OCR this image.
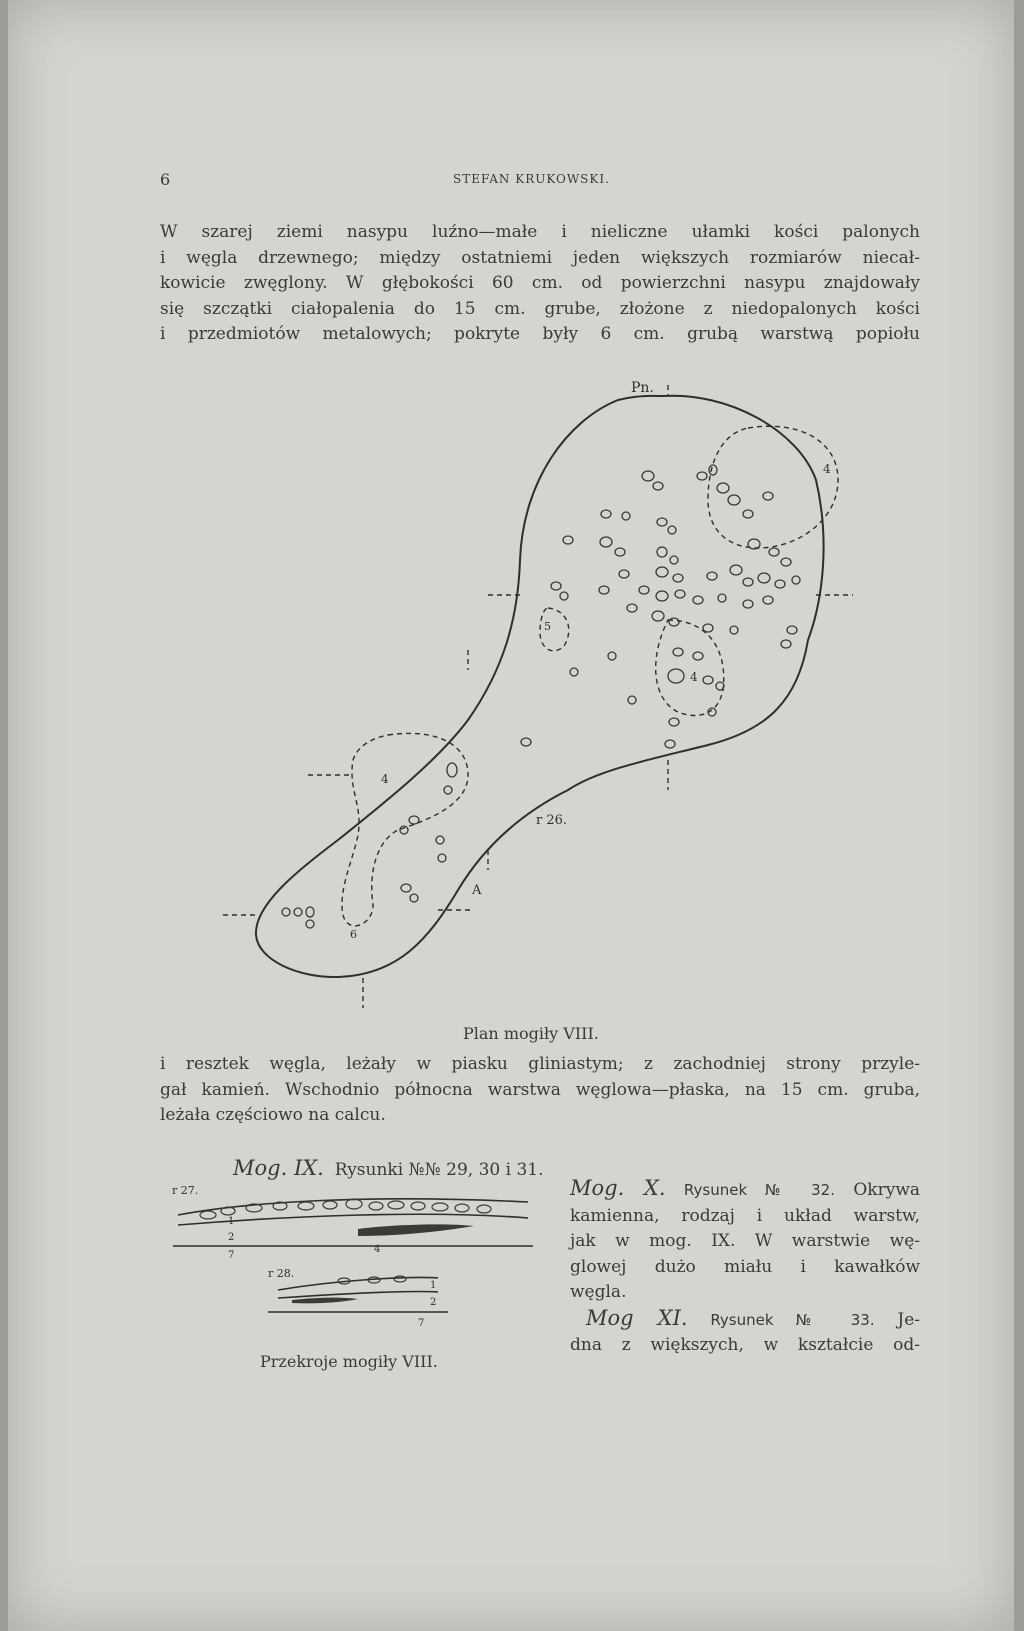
6	STEFAN KRUKOWSKI.
W szarej ziemi nasypu luźno—małe i nieliczne ułamki kości palonych
i węgla drzewnego; między ostatniemi jeden większych rozmiarów niecał-
kowicie zwęglony. W głębokości 60 cm. od powierzchni nasypu znajdowały
się szczątki ciałopalenia do 15 cm. grube, złożone z niedopalonych kości
i przedmiotów metalowych; pokryte były 6 cm. grubą warstwą popiołu
Pn.
r 26.
A
4
4
4
5
6
Plan mogiły VIII.
i resztek węgla, leżały w piasku gliniastym; z zachodniej strony przyle-
gał kamień. Wschodnio północna warstwa węglowa—płaska, na 15 cm. gruba,
leżała częściowo na calcu.
Mog. IX. Rysunki №№ 29, 30 i 31.
r 27.
r 28.
1
2
7
4
1
2
7
Przekroje mogiły VIII.
Mog. X. Rysunek № 32. Okrywa
kamienna, rodzaj i układ warstw,
jak w mog. IX. W warstwie wę-
glowej dużo miału i kawałków
węgla.
Mog XI. Rysunek № 33. Je-
dna z większych, w kształcie od-
